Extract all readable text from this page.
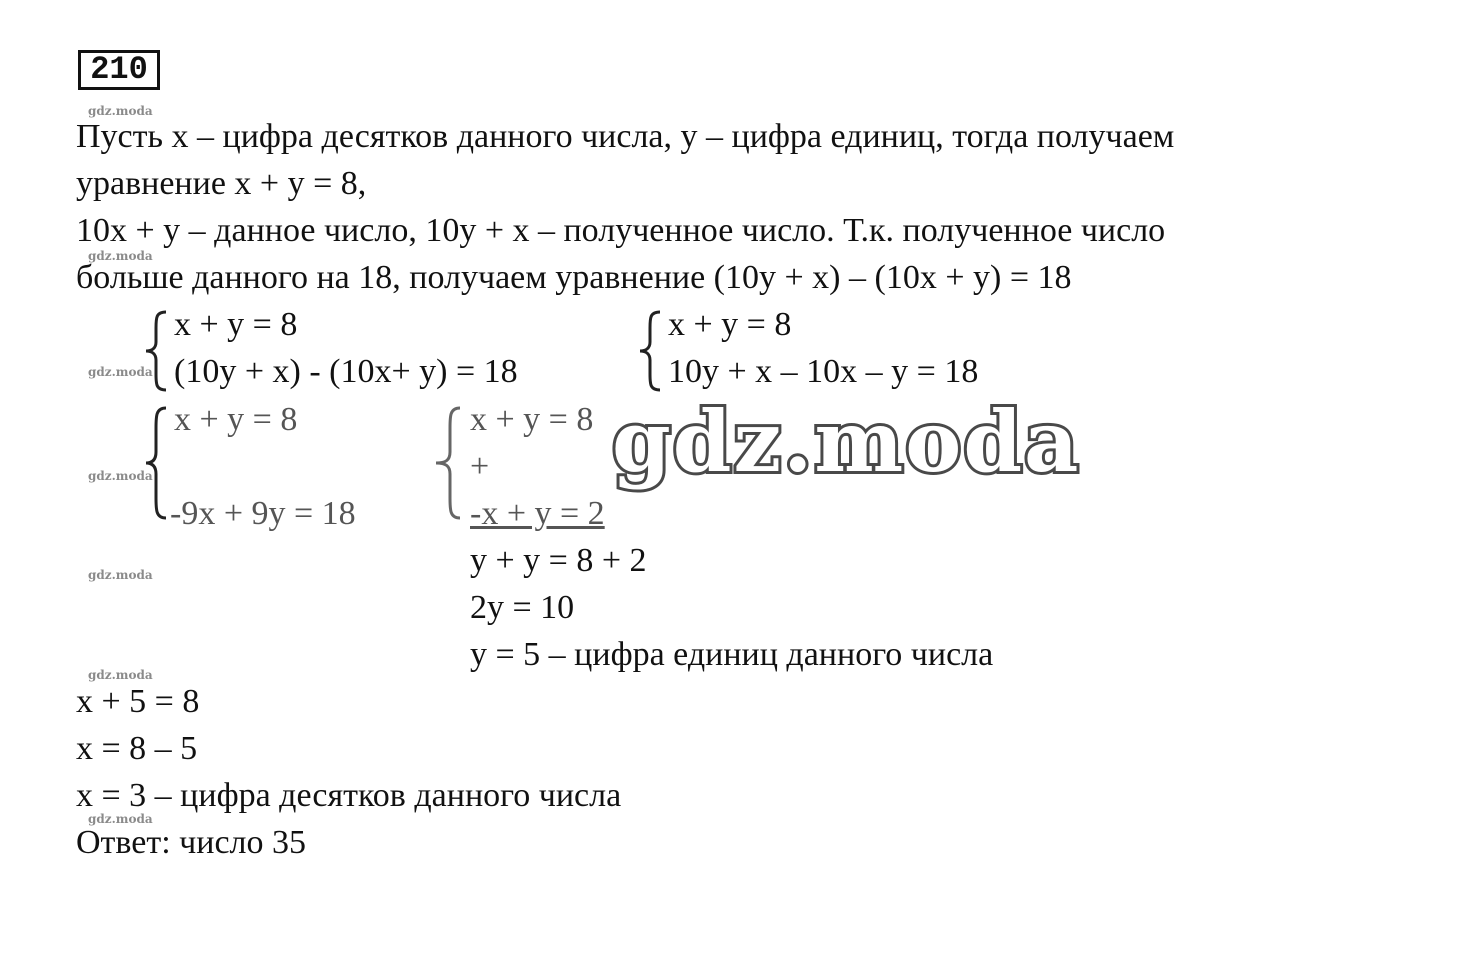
210
gdz.moda
gdz.moda
gdz.moda
gdz.moda
gdz.moda
gdz.moda
gdz.moda
Пусть х – цифра десятков данного числа, у – цифра единиц, тогда получаем
уравнение х + у = 8,
10х + у – данное число, 10у + х – полученное число. Т.к. полученное число
больше данного на 18, получаем уравнение (10у + х) – (10х + у) = 18
х + у = 8
(10у + х) - (10х+ у) = 18
х + у = 8
10у + х – 10х – у = 18
х + у = 8
-9х + 9у = 18
х + у = 8
+
-х + у = 2
у + у = 8 + 2
2у = 10
у = 5 – цифра единиц данного числа
х + 5 = 8
х = 8 – 5
х = 3 – цифра десятков данного числа
Ответ: число 35
gdz.moda
